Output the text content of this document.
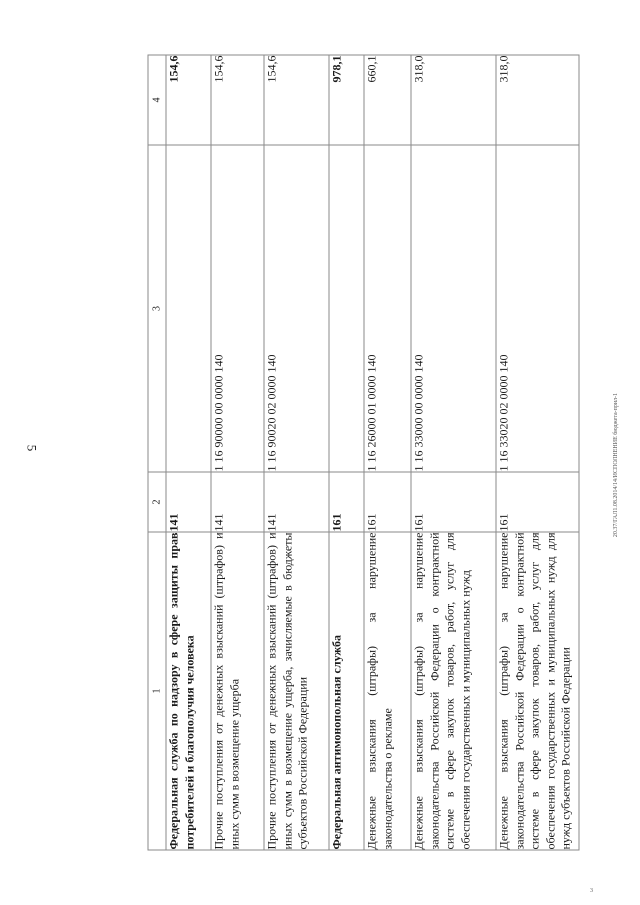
5	20.37/ГАЛ1.08.2014/14/ИСПОЛНЕНИЕ бюджета-прил-1
3
1	2	3	4
Федеральная служба по надзору в сфере защиты прав потребителей и благополучия человека	141		154,6
Прочие поступления от денежных взысканий (штрафов) и иных сумм в возмещение ущерба	141	1 16 90000 00 0000 140	154,6
Прочие поступления от денежных взысканий (штрафов) и иных сумм в возмещение ущерба, зачисляемые в бюджеты субъектов Российской Федерации	141	1 16 90020 02 0000 140	154,6
Федеральная антимонопольная служба	161		978,1
Денежные взыскания (штрафы) за нарушение законодательства о рекламе	161	1 16 26000 01 0000 140	660,1
Денежные взыскания (штрафы) за нарушение законодательства Российской Федерации о контрактной системе в сфере закупок товаров, работ, услуг для обеспечения государственных и муниципальных нужд	161	1 16 33000 00 0000 140	318,0
Денежные взыскания (штрафы) за нарушение законодательства Российской Федерации о контрактной системе в сфере закупок товаров, работ, услуг для обеспечения государственных и муниципальных нужд для нужд субъектов Российской Федерации	161	1 16 33020 02 0000 140	318,0
